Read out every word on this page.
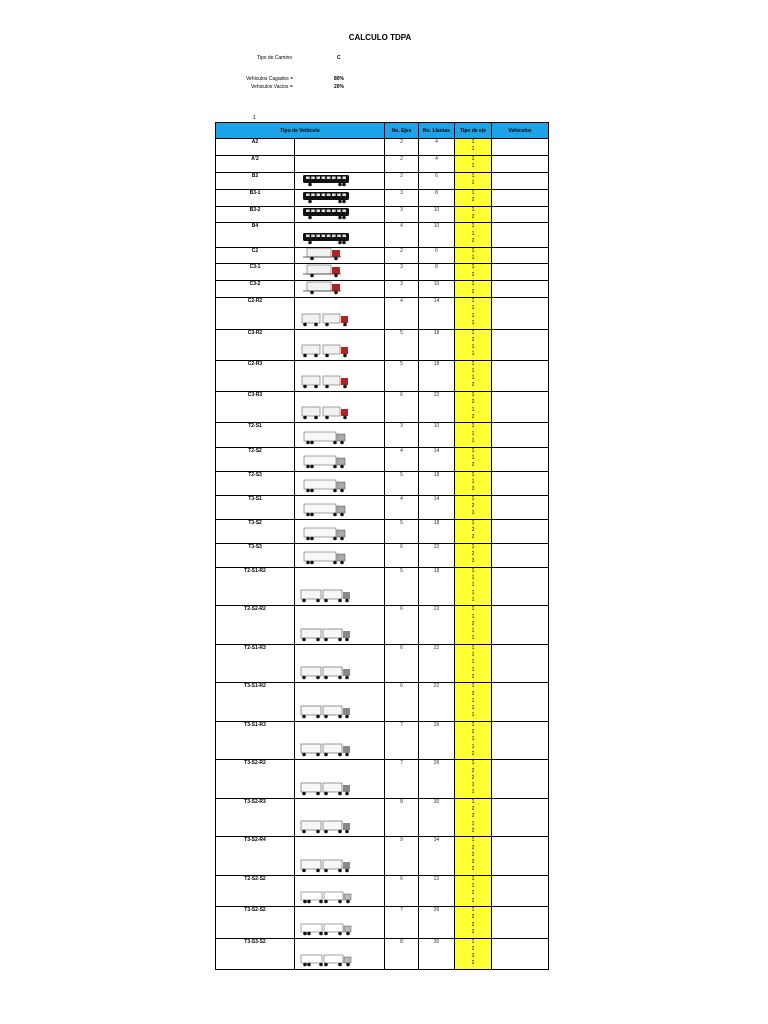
CALCULO TDPA
Tipo de Camino	C
Vehiculos Cagados =	80%
Vehiculos Vacios =	20%
1
Tipo de Vehiculo		No. Ejes	No. Llantas	Tipo de eje	Vehiculos
A2		2	4	1
1	

A'2		2	4	1
1	

B2		2	6	1
1	

B3-1		3	8	1
2	

B3-2		3	10	1
2	

B4		4	10	1
1
2	

C2		2	6	1
1	

C3-1		3	8	1
2	

C3-2		3	10	1
2	

C2-R2		4	14	1
1
1
1	

C3-R2		5	18	1
2
1
1	

C2-R3		5	18	1
1
1
2	

C3-R3		6	22	1
2
1
2	

T2-S1		3	10	1
1
1	

T2-S2		4	14	1
1
2	

T2-S3		5	18	1
1
3	

T3-S1		4	14	1
2
1	

T3-S2		5	18	1
2
2	

T3-S3		6	22	1
2
3	

T2-S1-R2		5	18	1
1
1
1
1	

T2-S2-R2		6	22	1
1
2
1
1	

T2-S1-R3		6	22	1
1
1
1
2	

T3-S1-R2		6	22	1
2
1
1
1	

T3-S1-R3		7	26	1
2
1
1
2	

T3-S2-R2		7	26	1
2
2
1
1	

T3-S2-R3		8	30	1
2
2
1
2	

T3-S2-R4		9	34	1
2
2
2
2	

T2-S2-S2		6	22	1
1
2
2	

T3-S2-S2		7	26	1
2
2
2	

T3-S3-S2		8	30	1
2
3
2	
